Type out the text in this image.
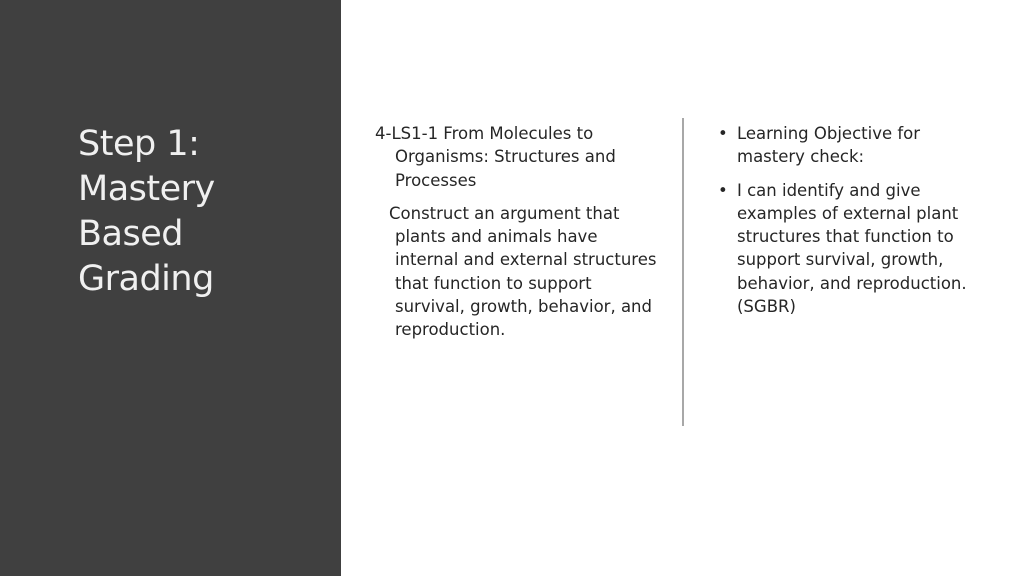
Step 1:
Mastery
Based
Grading

4-LS1-1 From Molecules to Organisms: Structures and Processes

Construct an argument that plants and animals have internal and external structures that function to support survival, growth, behavior, and reproduction.

• Learning Objective for mastery check:
• I can identify and give examples of external plant structures that function to support survival, growth, behavior, and reproduction. (SGBR)
